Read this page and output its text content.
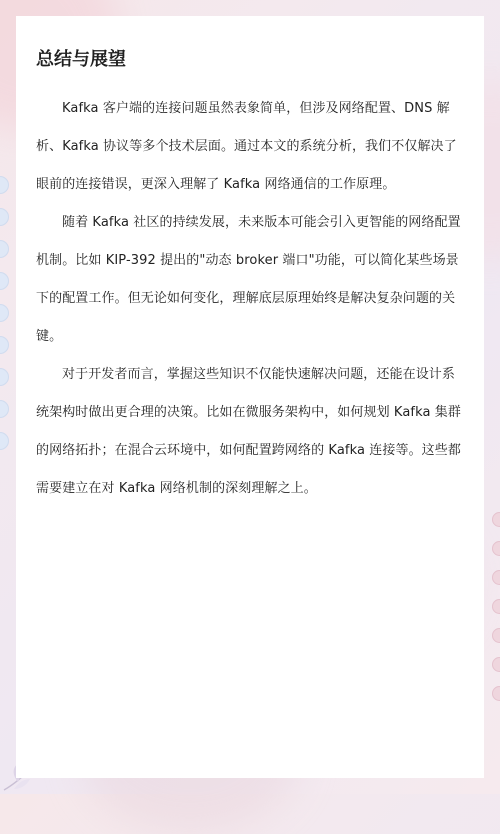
总结与展望

Kafka 客户端的连接问题虽然表象简单，但涉及网络配置、DNS 解析、Kafka 协议等多个技术层面。通过本文的系统分析，我们不仅解决了眼前的连接错误，更深入理解了 Kafka 网络通信的工作原理。

随着 Kafka 社区的持续发展，未来版本可能会引入更智能的网络配置机制。比如 KIP-392 提出的"动态 broker 端口"功能，可以简化某些场景下的配置工作。但无论如何变化，理解底层原理始终是解决复杂问题的关键。

对于开发者而言，掌握这些知识不仅能快速解决问题，还能在设计系统架构时做出更合理的决策。比如在微服务架构中，如何规划 Kafka 集群的网络拓扑；在混合云环境中，如何配置跨网络的 Kafka 连接等。这些都需要建立在对 Kafka 网络机制的深刻理解之上。
